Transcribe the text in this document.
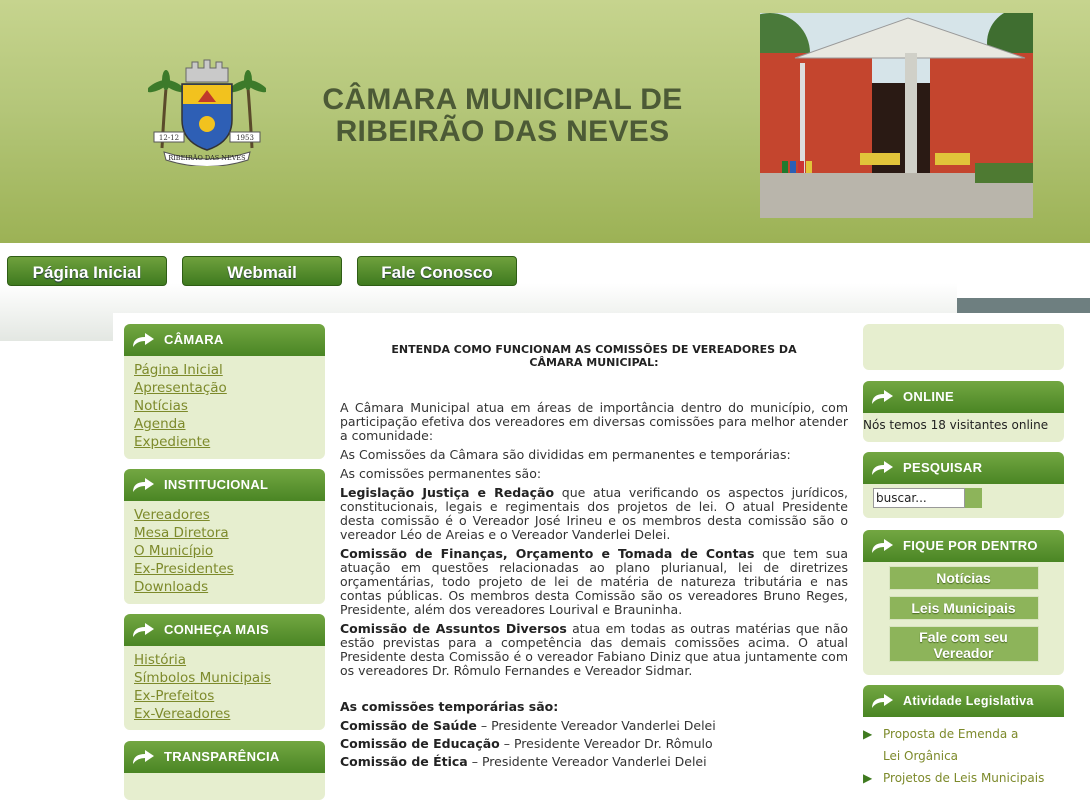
12-12	1953
RIBEIRÃO DAS NEVES
CÂMARA MUNICIPAL DE
RIBEIRÃO DAS NEVES
Página Inicial	Webmail	Fale Conosco
CÂMARA
Página Inicial
Apresentação
Notícias
Agenda
Expediente
INSTITUCIONAL
Vereadores
Mesa Diretora
O Município
Ex-Presidentes
Downloads
CONHEÇA MAIS
História
Símbolos Municipais
Ex-Prefeitos
Ex-Vereadores
TRANSPARÊNCIA
ENTENDA COMO FUNCIONAM AS COMISSÕES DE VEREADORES DA CÂMARA MUNICIPAL:

A Câmara Municipal atua em áreas de importância dentro do município, com participação efetiva dos vereadores em diversas comissões para melhor atender a comunidade:

As Comissões da Câmara são divididas em permanentes e temporárias:

As comissões permanentes são:

Legislação Justiça e Redação que atua verificando os aspectos jurídicos, constitucionais, legais e regimentais dos projetos de lei. O atual Presidente desta comissão é o Vereador José Irineu e os membros desta comissão são o vereador Léo de Areias e o Vereador Vanderlei Delei.

Comissão de Finanças, Orçamento e Tomada de Contas que tem sua atuação em questões relacionadas ao plano plurianual, lei de diretrizes orçamentárias, todo projeto de lei de matéria de natureza tributária e nas contas públicas. Os membros desta Comissão são os vereadores Bruno Reges, Presidente, além dos vereadores Lourival e Brauninha.

Comissão de Assuntos Diversos atua em todas as outras matérias que não estão previstas para a competência das demais comissões acima. O atual Presidente desta Comissão é o vereador Fabiano Diniz que atua juntamente com os vereadores Dr. Rômulo Fernandes e Vereador Sidmar.

As comissões temporárias são:

Comissão de Saúde – Presidente Vereador Vanderlei Delei

Comissão de Educação – Presidente Vereador Dr. Rômulo

Comissão de Ética – Presidente Vereador Vanderlei Delei

ONLINE
Nós temos 18 visitantes online
PESQUISAR
buscar...
FIQUE POR DENTRO
Notícias
Leis Municipais
Fale com seu Vereador
Atividade Legislativa
▶ Proposta de Emenda a Lei Orgânica
▶ Projetos de Leis Municipais
